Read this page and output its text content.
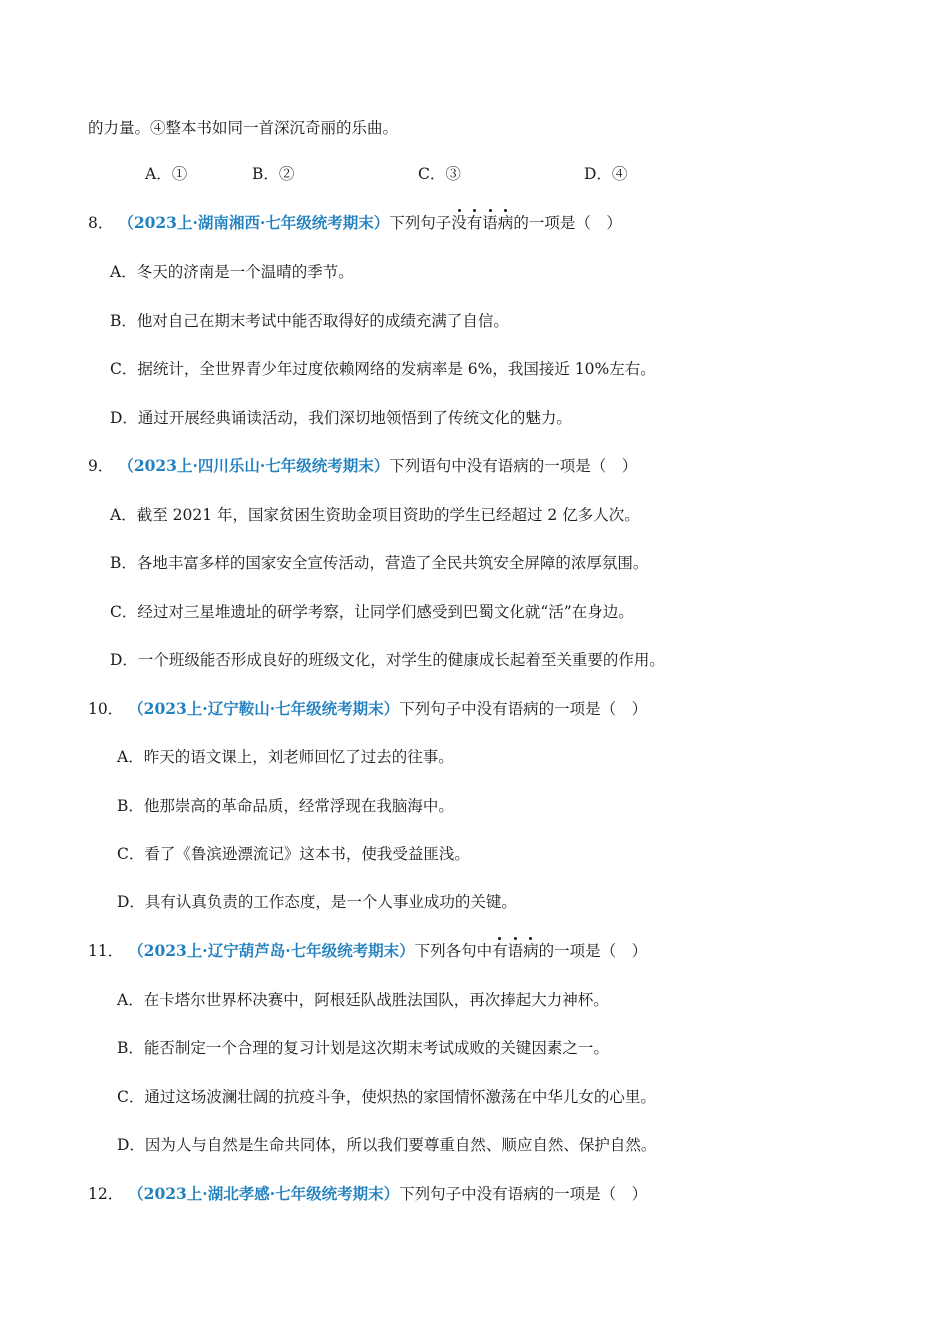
的力量。④整本书如同一首深沉奇丽的乐曲。
A．①	B．②	C．③	D．④
8． （2023上·湖南湘西·七年级统考期末）下列句子没有语病的一项是（　）
A．冬天的济南是一个温晴的季节。
B．他对自己在期末考试中能否取得好的成绩充满了自信。
C．据统计，全世界青少年过度依赖网络的发病率是 6%，我国接近 10%左右。
D．通过开展经典诵读活动，我们深切地领悟到了传统文化的魅力。
9． （2023上·四川乐山·七年级统考期末）下列语句中没有语病的一项是（　）
A．截至 2021 年，国家贫困生资助金项目资助的学生已经超过 2 亿多人次。
B．各地丰富多样的国家安全宣传活动，营造了全民共筑安全屏障的浓厚氛围。
C．经过对三星堆遗址的研学考察，让同学们感受到巴蜀文化就“活”在身边。
D．一个班级能否形成良好的班级文化，对学生的健康成长起着至关重要的作用。
10． （2023上·辽宁鞍山·七年级统考期末）下列句子中没有语病的一项是（　）
A．昨天的语文课上，刘老师回忆了过去的往事。
B．他那崇高的革命品质，经常浮现在我脑海中。
C．看了《鲁滨逊漂流记》这本书，使我受益匪浅。
D．具有认真负责的工作态度，是一个人事业成功的关键。
11． （2023上·辽宁葫芦岛·七年级统考期末）下列各句中有语病的一项是（　）
A．在卡塔尔世界杯决赛中，阿根廷队战胜法国队，再次捧起大力神杯。
B．能否制定一个合理的复习计划是这次期末考试成败的关键因素之一。
C．通过这场波澜壮阔的抗疫斗争，使炽热的家国情怀激荡在中华儿女的心里。
D．因为人与自然是生命共同体，所以我们要尊重自然、顺应自然、保护自然。
12． （2023上·湖北孝感·七年级统考期末）下列句子中没有语病的一项是（　）
